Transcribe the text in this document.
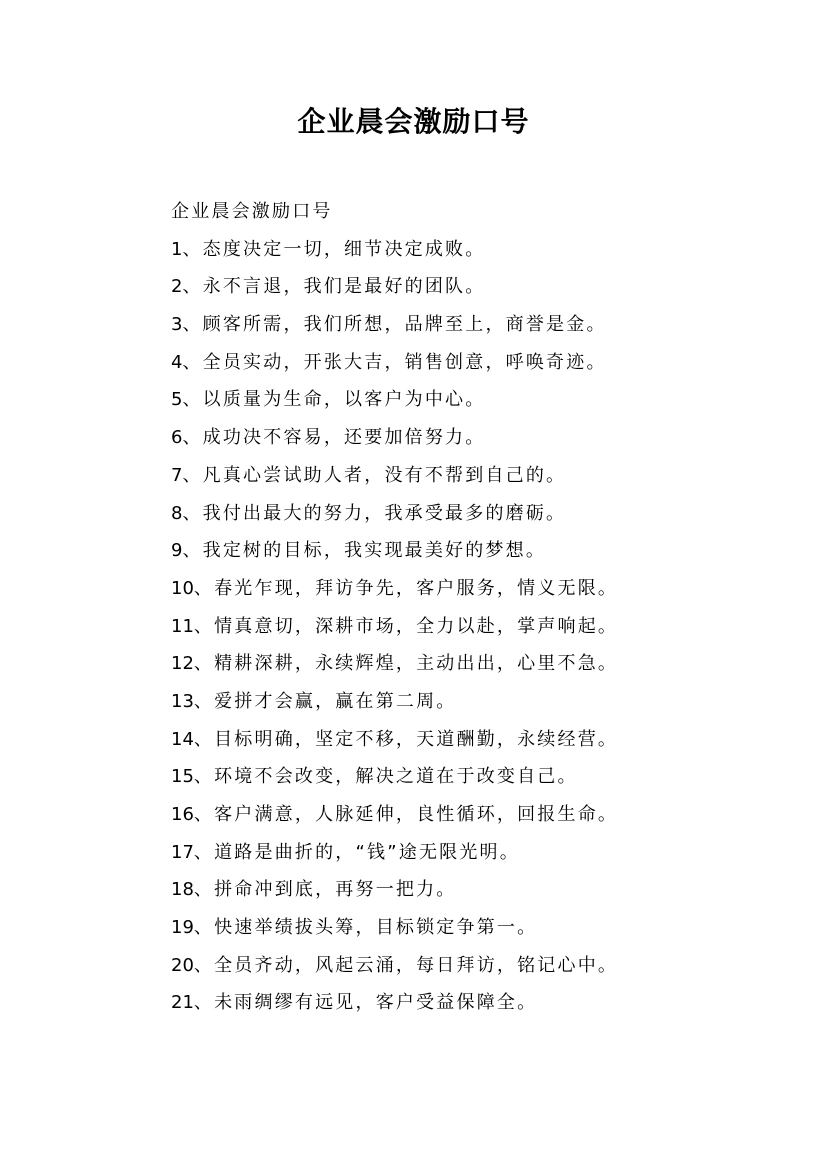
企业晨会激励口号
企业晨会激励口号
1、态度决定一切，细节决定成败。
2、永不言退，我们是最好的团队。
3、顾客所需，我们所想，品牌至上，商誉是金。
4、全员实动，开张大吉，销售创意，呼唤奇迹。
5、以质量为生命，以客户为中心。
6、成功决不容易，还要加倍努力。
7、凡真心尝试助人者，没有不帮到自己的。
8、我付出最大的努力，我承受最多的磨砺。
9、我定树的目标，我实现最美好的梦想。
10、春光乍现，拜访争先，客户服务，情义无限。
11、情真意切，深耕市场，全力以赴，掌声响起。
12、精耕深耕，永续辉煌，主动出出，心里不急。
13、爱拼才会赢，赢在第二周。
14、目标明确，坚定不移，天道酬勤，永续经营。
15、环境不会改变，解决之道在于改变自己。
16、客户满意，人脉延伸，良性循环，回报生命。
17、道路是曲折的，“钱”途无限光明。
18、拼命冲到底，再努一把力。
19、快速举绩拔头筹，目标锁定争第一。
20、全员齐动，风起云涌，每日拜访，铭记心中。
21、未雨绸缪有远见，客户受益保障全。
